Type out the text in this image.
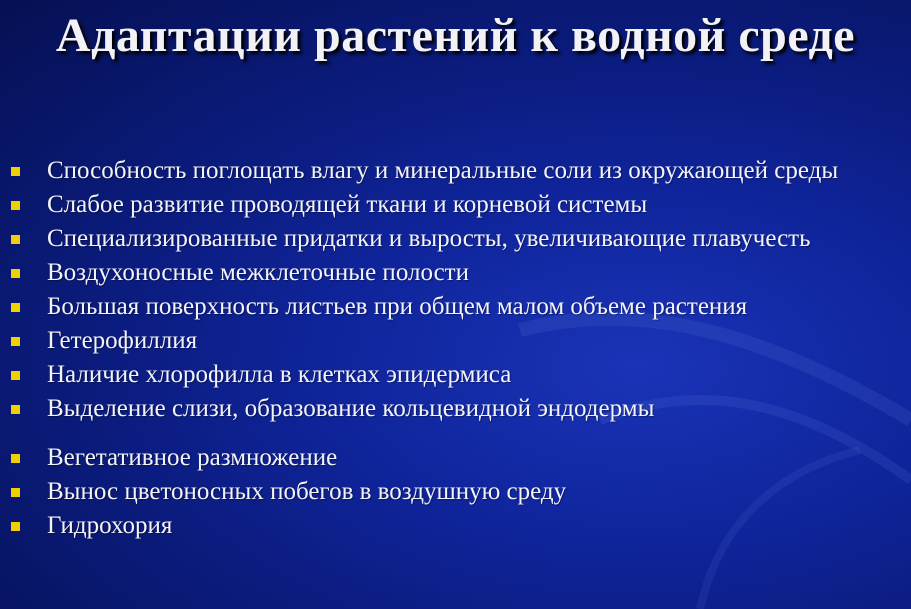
Адаптации растений к водной среде
Способность поглощать влагу и минеральные соли из окружающей среды
Слабое развитие проводящей ткани и корневой системы
Специализированные придатки и выросты, увеличивающие плавучесть
Воздухоносные межклеточные полости
Большая поверхность листьев при общем малом объеме растения
Гетерофиллия
Наличие хлорофилла в клетках эпидермиса
Выделение слизи, образование кольцевидной эндодермы
Вегетативное размножение
Вынос цветоносных побегов в воздушную среду
Гидрохория
